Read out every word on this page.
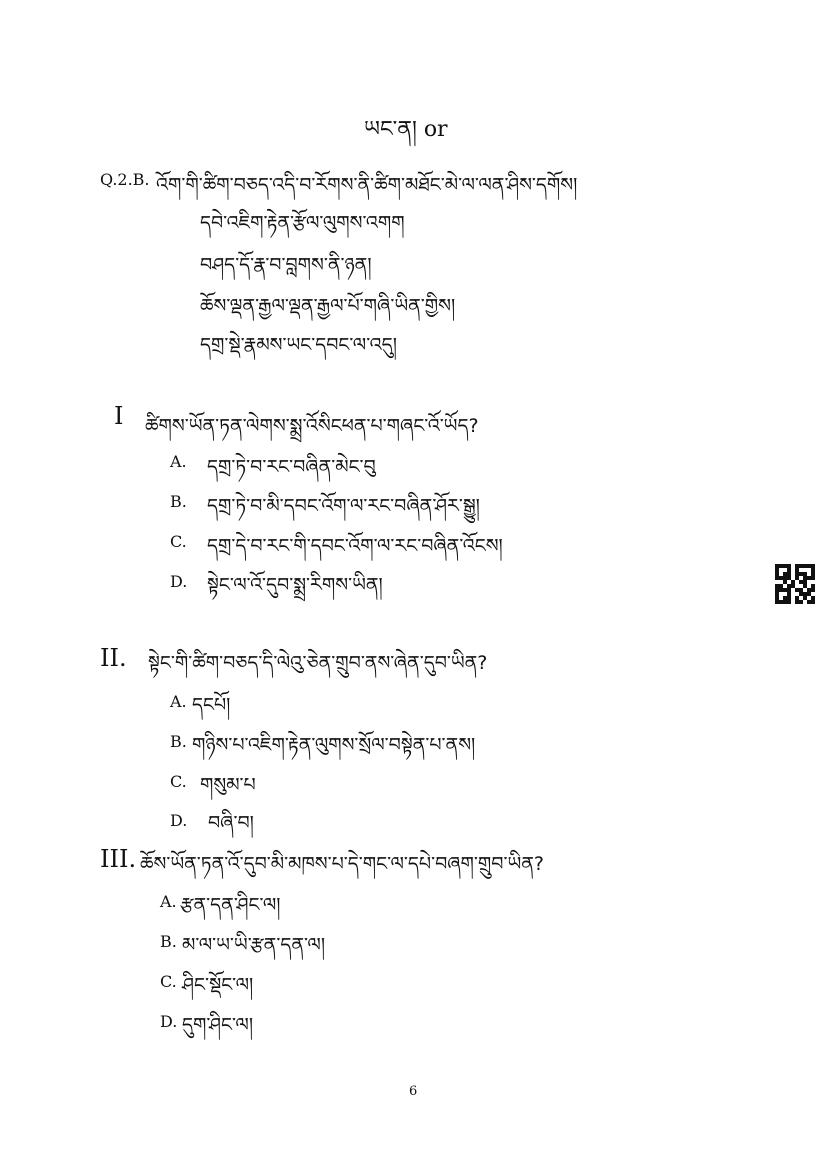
ཡང་ན། or
Q.2.B. འོག་གི་ཚིག་བཅད་འདི་བ་རོགས་ནི་ཚིག་མཐོང་མེ་ལ་ལན་ཤིས་དགོས།
དབེ་འཇིག་རྟེན་རྩོལ་ལུགས་འགག
བཤད་དོ་རྣ་བ་བླགས་ནི་ཉན།
ཆོས་ལྡན་རྒྱལ་ལྡན་རྒྱལ་པོ་གཞི་ཡིན་གྱིས།
དགྲ་སྡེ་རྣམས་ཡང་དབང་ལ་འདུ།
I ཚིགས་ཡོན་ཏན་ལེགས་སྨྲ་འོསིངཕན་པ་གཞང་འོ་ཡོད?
A. དགྲ་ཏེ་བ་རང་བཞིན་མེང་བུ
B. དགྲ་ཏེ་བ་མི་དབང་འོག་ལ་རང་བཞིན་ཤོར་སྒྱུ།
C. དགྲ་དེ་བ་རང་གི་དབང་འོག་ལ་རང་བཞིན་འོངས།
D. སྟེང་ལ་འོ་དུབ་སྨྲ་རིགས་ཡིན།
II. སྟེང་གི་ཚིག་བཅད་དི་ལེའུ་ཅེན་གྲུབ་ནས་ཞེན་དུབ་ཡིན?
A. དངཔོ།
B. གཉིས་པ་འཇིག་རྟེན་ལུགས་སྲོལ་བསྟེན་པ་ནས།
C. གསུམ་པ
D. བཞི་བ།
III. ཆོས་ཡོན་ཏན་འོ་དུབ་མི་མཁས་པ་དེ་གང་ལ་དཔེ་བཞག་གྲུབ་ཡིན?
A. རྩན་དན་ཤིང་ལ།
B. མ་ལ་ཡ་ཡི་རྩན་དན་ལ།
C. ཤིང་སྡོང་ལ།
D. དུག་ཤིང་ལ།
6
